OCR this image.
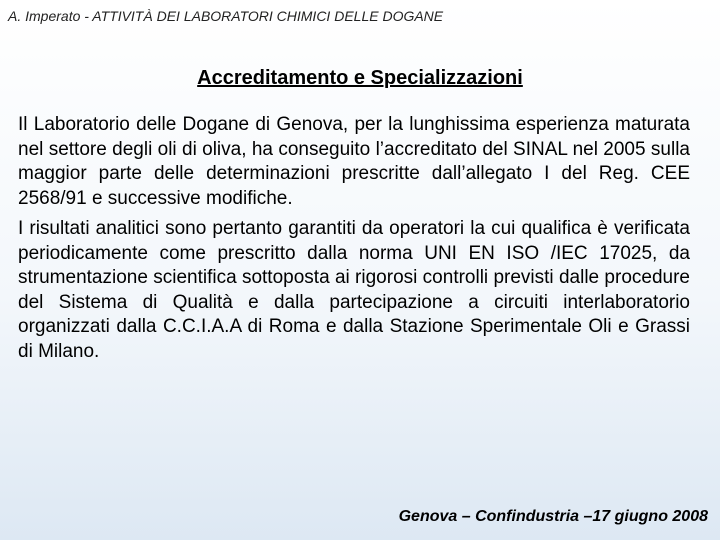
A. Imperato - ATTIVITÀ DEI LABORATORI CHIMICI DELLE DOGANE
Accreditamento e Specializzazioni

Il Laboratorio delle Dogane di Genova, per la lunghissima esperienza maturata nel settore degli oli di oliva, ha conseguito l’accreditato del SINAL nel 2005 sulla maggior parte delle determinazioni prescritte dall’allegato I del Reg. CEE 2568/91 e successive modifiche.

I risultati analitici sono pertanto garantiti da operatori la cui qualifica è verificata periodicamente come prescritto dalla norma UNI EN ISO /IEC 17025, da strumentazione scientifica sottoposta ai rigorosi controlli previsti dalle procedure del Sistema di Qualità e dalla partecipazione a circuiti interlaboratorio organizzati dalla C.C.I.A.A di Roma e dalla Stazione Sperimentale Oli e Grassi di Milano.

Genova – Confindustria –17 giugno 2008
